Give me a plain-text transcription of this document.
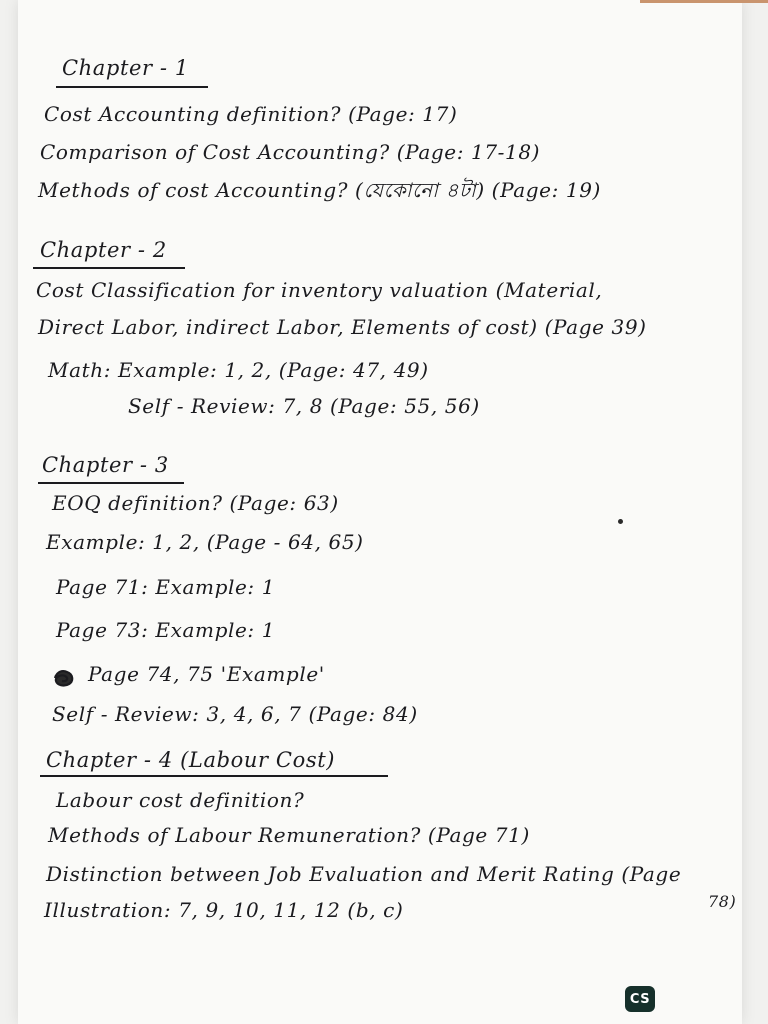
Chapter - 1
Cost Accounting definition? (Page: 17)
Comparison of Cost Accounting? (Page: 17-18)
Methods of cost Accounting? (যেকোনো ৪টা) (Page: 19)
Chapter - 2
Cost Classification for inventory valuation (Material,
Direct Labor, indirect Labor, Elements of cost) (Page 39)
Math: Example: 1, 2, (Page: 47, 49)
Self - Review: 7, 8 (Page: 55, 56)
Chapter - 3
EOQ definition? (Page: 63)
Example: 1, 2, (Page - 64, 65)
Page 71: Example: 1
Page 73: Example: 1
Page 74, 75 'Example'
Self - Review: 3, 4, 6, 7 (Page: 84)
Chapter - 4 (Labour Cost)
Labour cost definition?
Methods of Labour Remuneration? (Page 71)
Distinction between Job Evaluation and Merit Rating (Page
78)
Illustration: 7, 9, 10, 11, 12 (b, c)
CS
